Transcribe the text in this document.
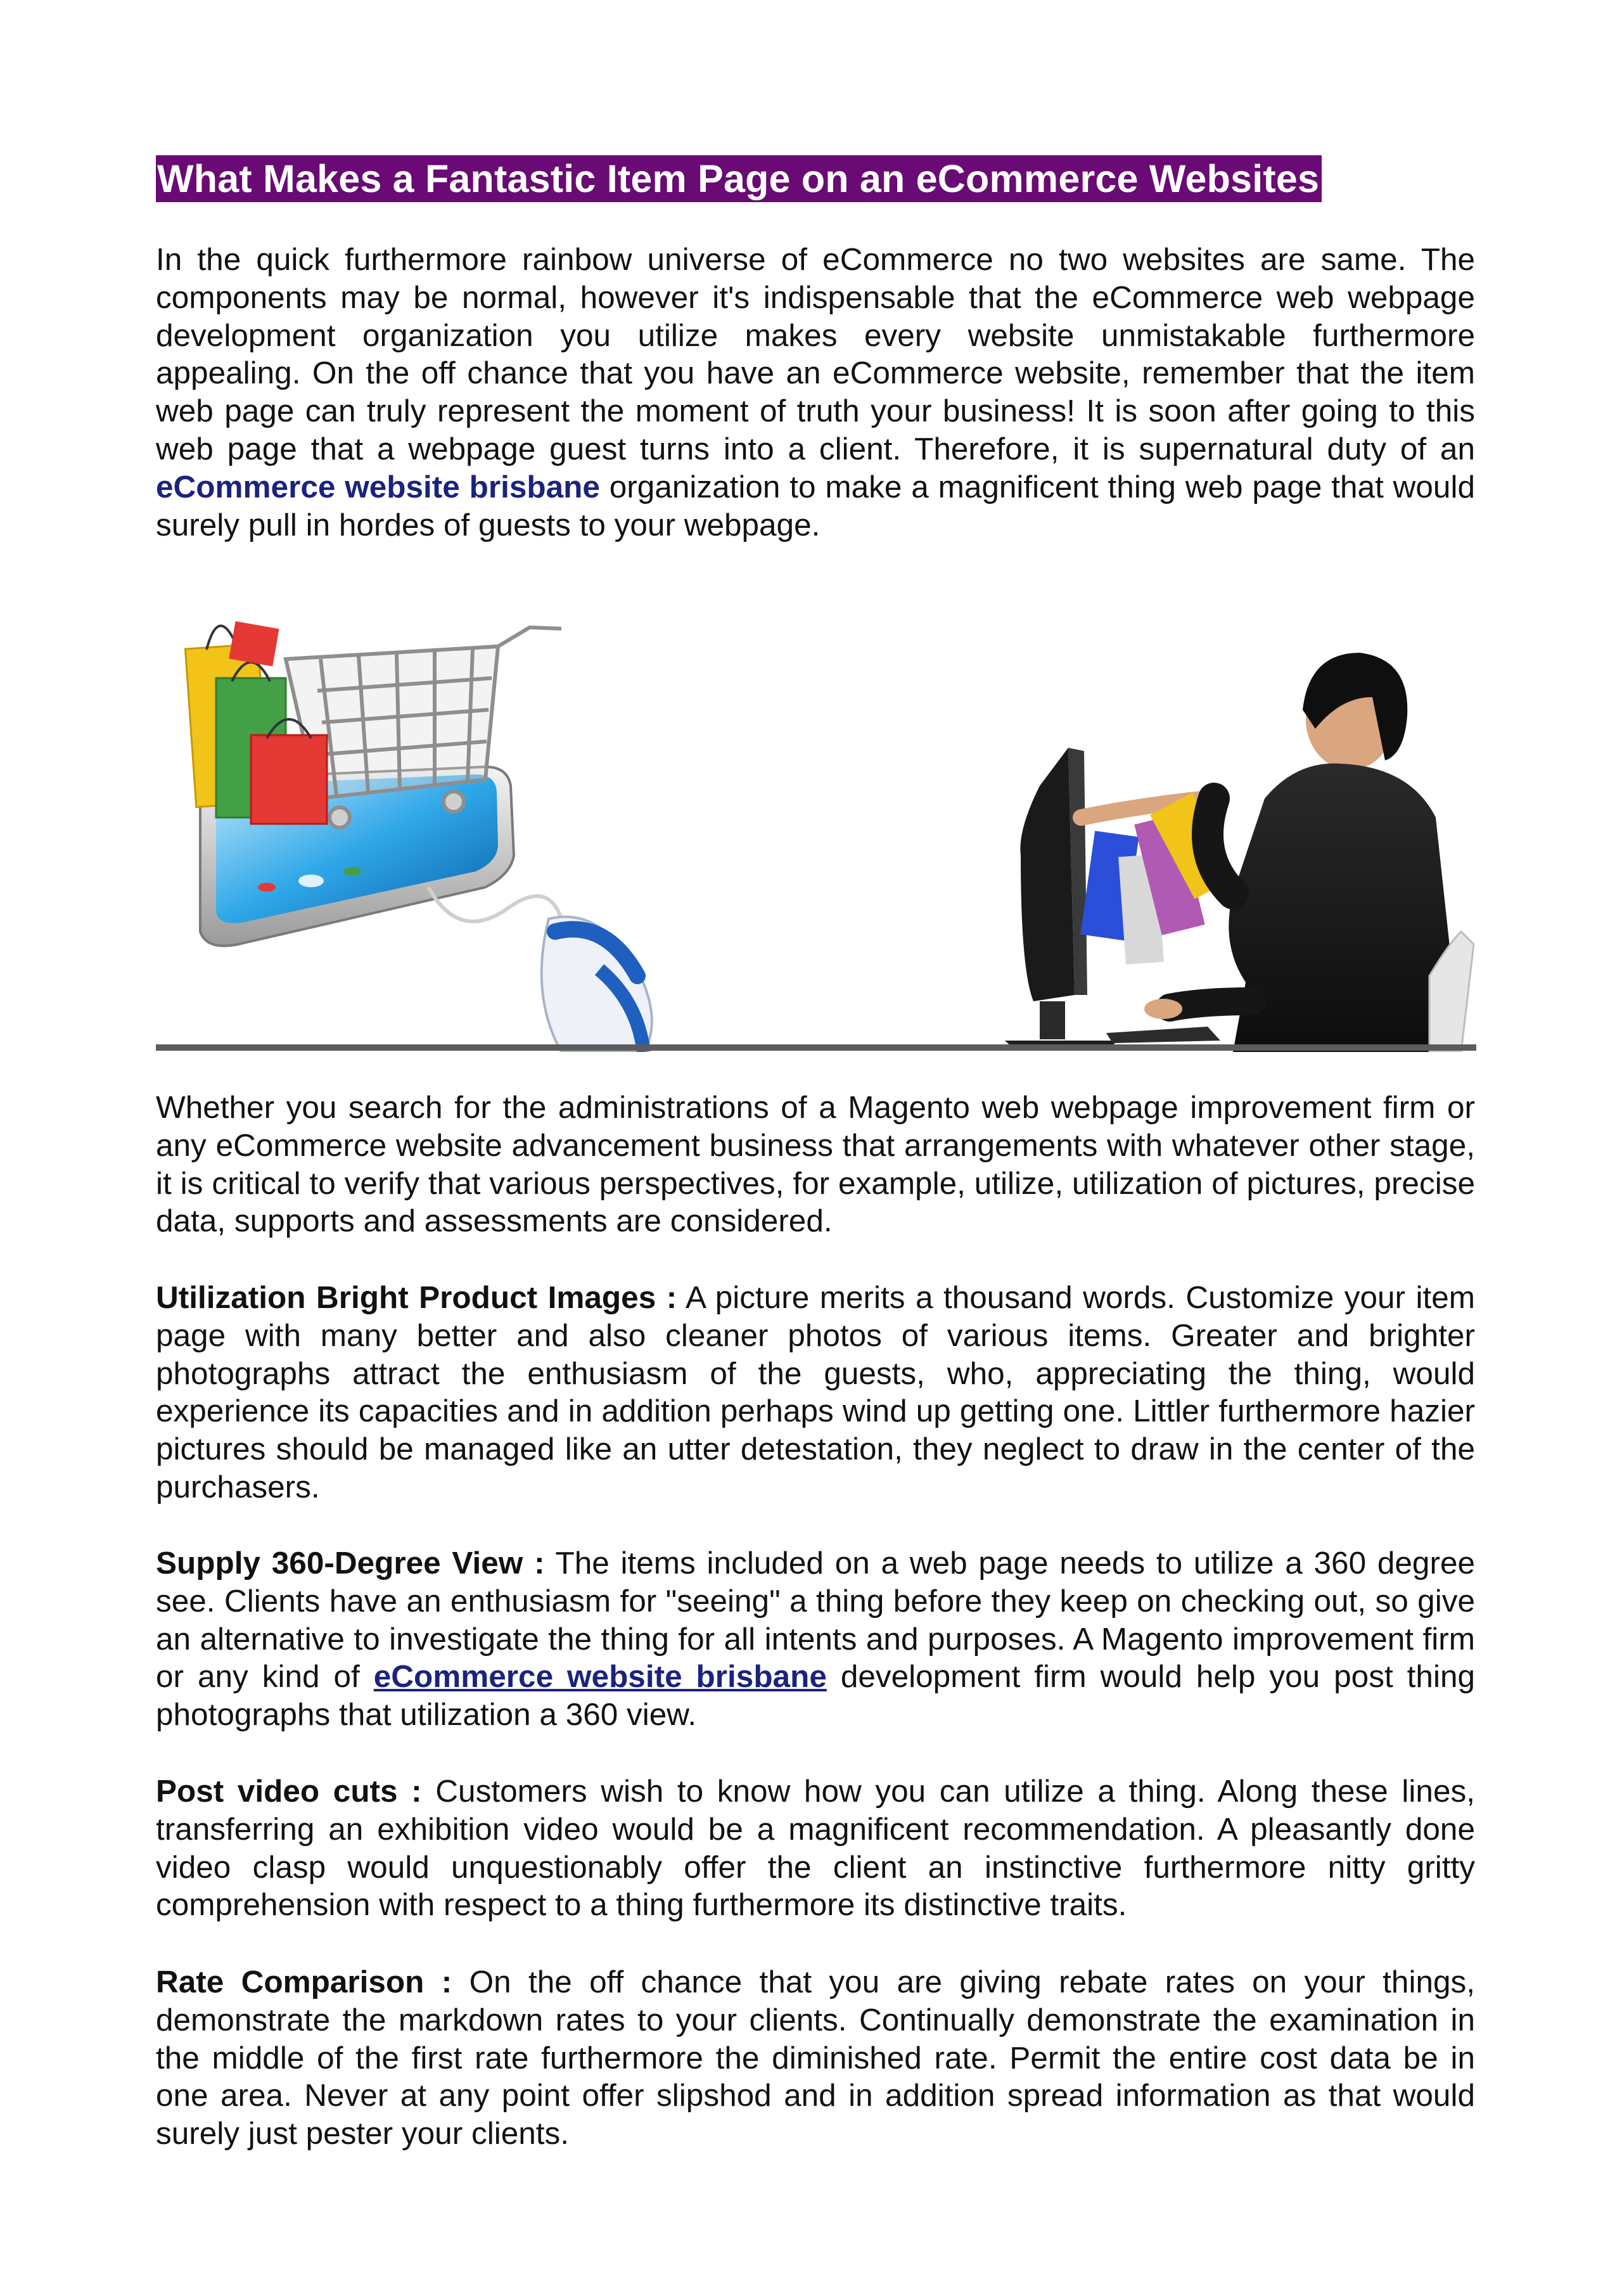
What Makes a Fantastic Item Page on an eCommerce Websites

In the quick furthermore rainbow universe of eCommerce no two websites are same. The components may be normal, however it's indispensable that the eCommerce web webpage development organization you utilize makes every website unmistakable furthermore appealing. On the off chance that you have an eCommerce website, remember that the item web page can truly represent the moment of truth your business! It is soon after going to this web page that a webpage guest turns into a client. Therefore, it is supernatural duty of an eCommerce website brisbane organization to make a magnificent thing web page that would surely pull in hordes of guests to your webpage.

Whether you search for the administrations of a Magento web webpage improvement firm or any eCommerce website advancement business that arrangements with whatever other stage, it is critical to verify that various perspectives, for example, utilize, utilization of pictures, precise data, supports and assessments are considered.

Utilization Bright Product Images : A picture merits a thousand words. Customize your item page with many better and also cleaner photos of various items. Greater and brighter photographs attract the enthusiasm of the guests, who, appreciating the thing, would experience its capacities and in addition perhaps wind up getting one. Littler furthermore hazier pictures should be managed like an utter detestation, they neglect to draw in the center of the purchasers.

Supply 360-Degree View : The items included on a web page needs to utilize a 360 degree see. Clients have an enthusiasm for "seeing" a thing before they keep on checking out, so give an alternative to investigate the thing for all intents and purposes. A Magento improvement firm or any kind of eCommerce website brisbane development firm would help you post thing photographs that utilization a 360 view.

Post video cuts : Customers wish to know how you can utilize a thing. Along these lines, transferring an exhibition video would be a magnificent recommendation. A pleasantly done video clasp would unquestionably offer the client an instinctive furthermore nitty gritty comprehension with respect to a thing furthermore its distinctive traits.

Rate Comparison : On the off chance that you are giving rebate rates on your things, demonstrate the markdown rates to your clients. Continually demonstrate the examination in the middle of the first rate furthermore the diminished rate. Permit the entire cost data be in one area. Never at any point offer slipshod and in addition spread information as that would surely just pester your clients.
